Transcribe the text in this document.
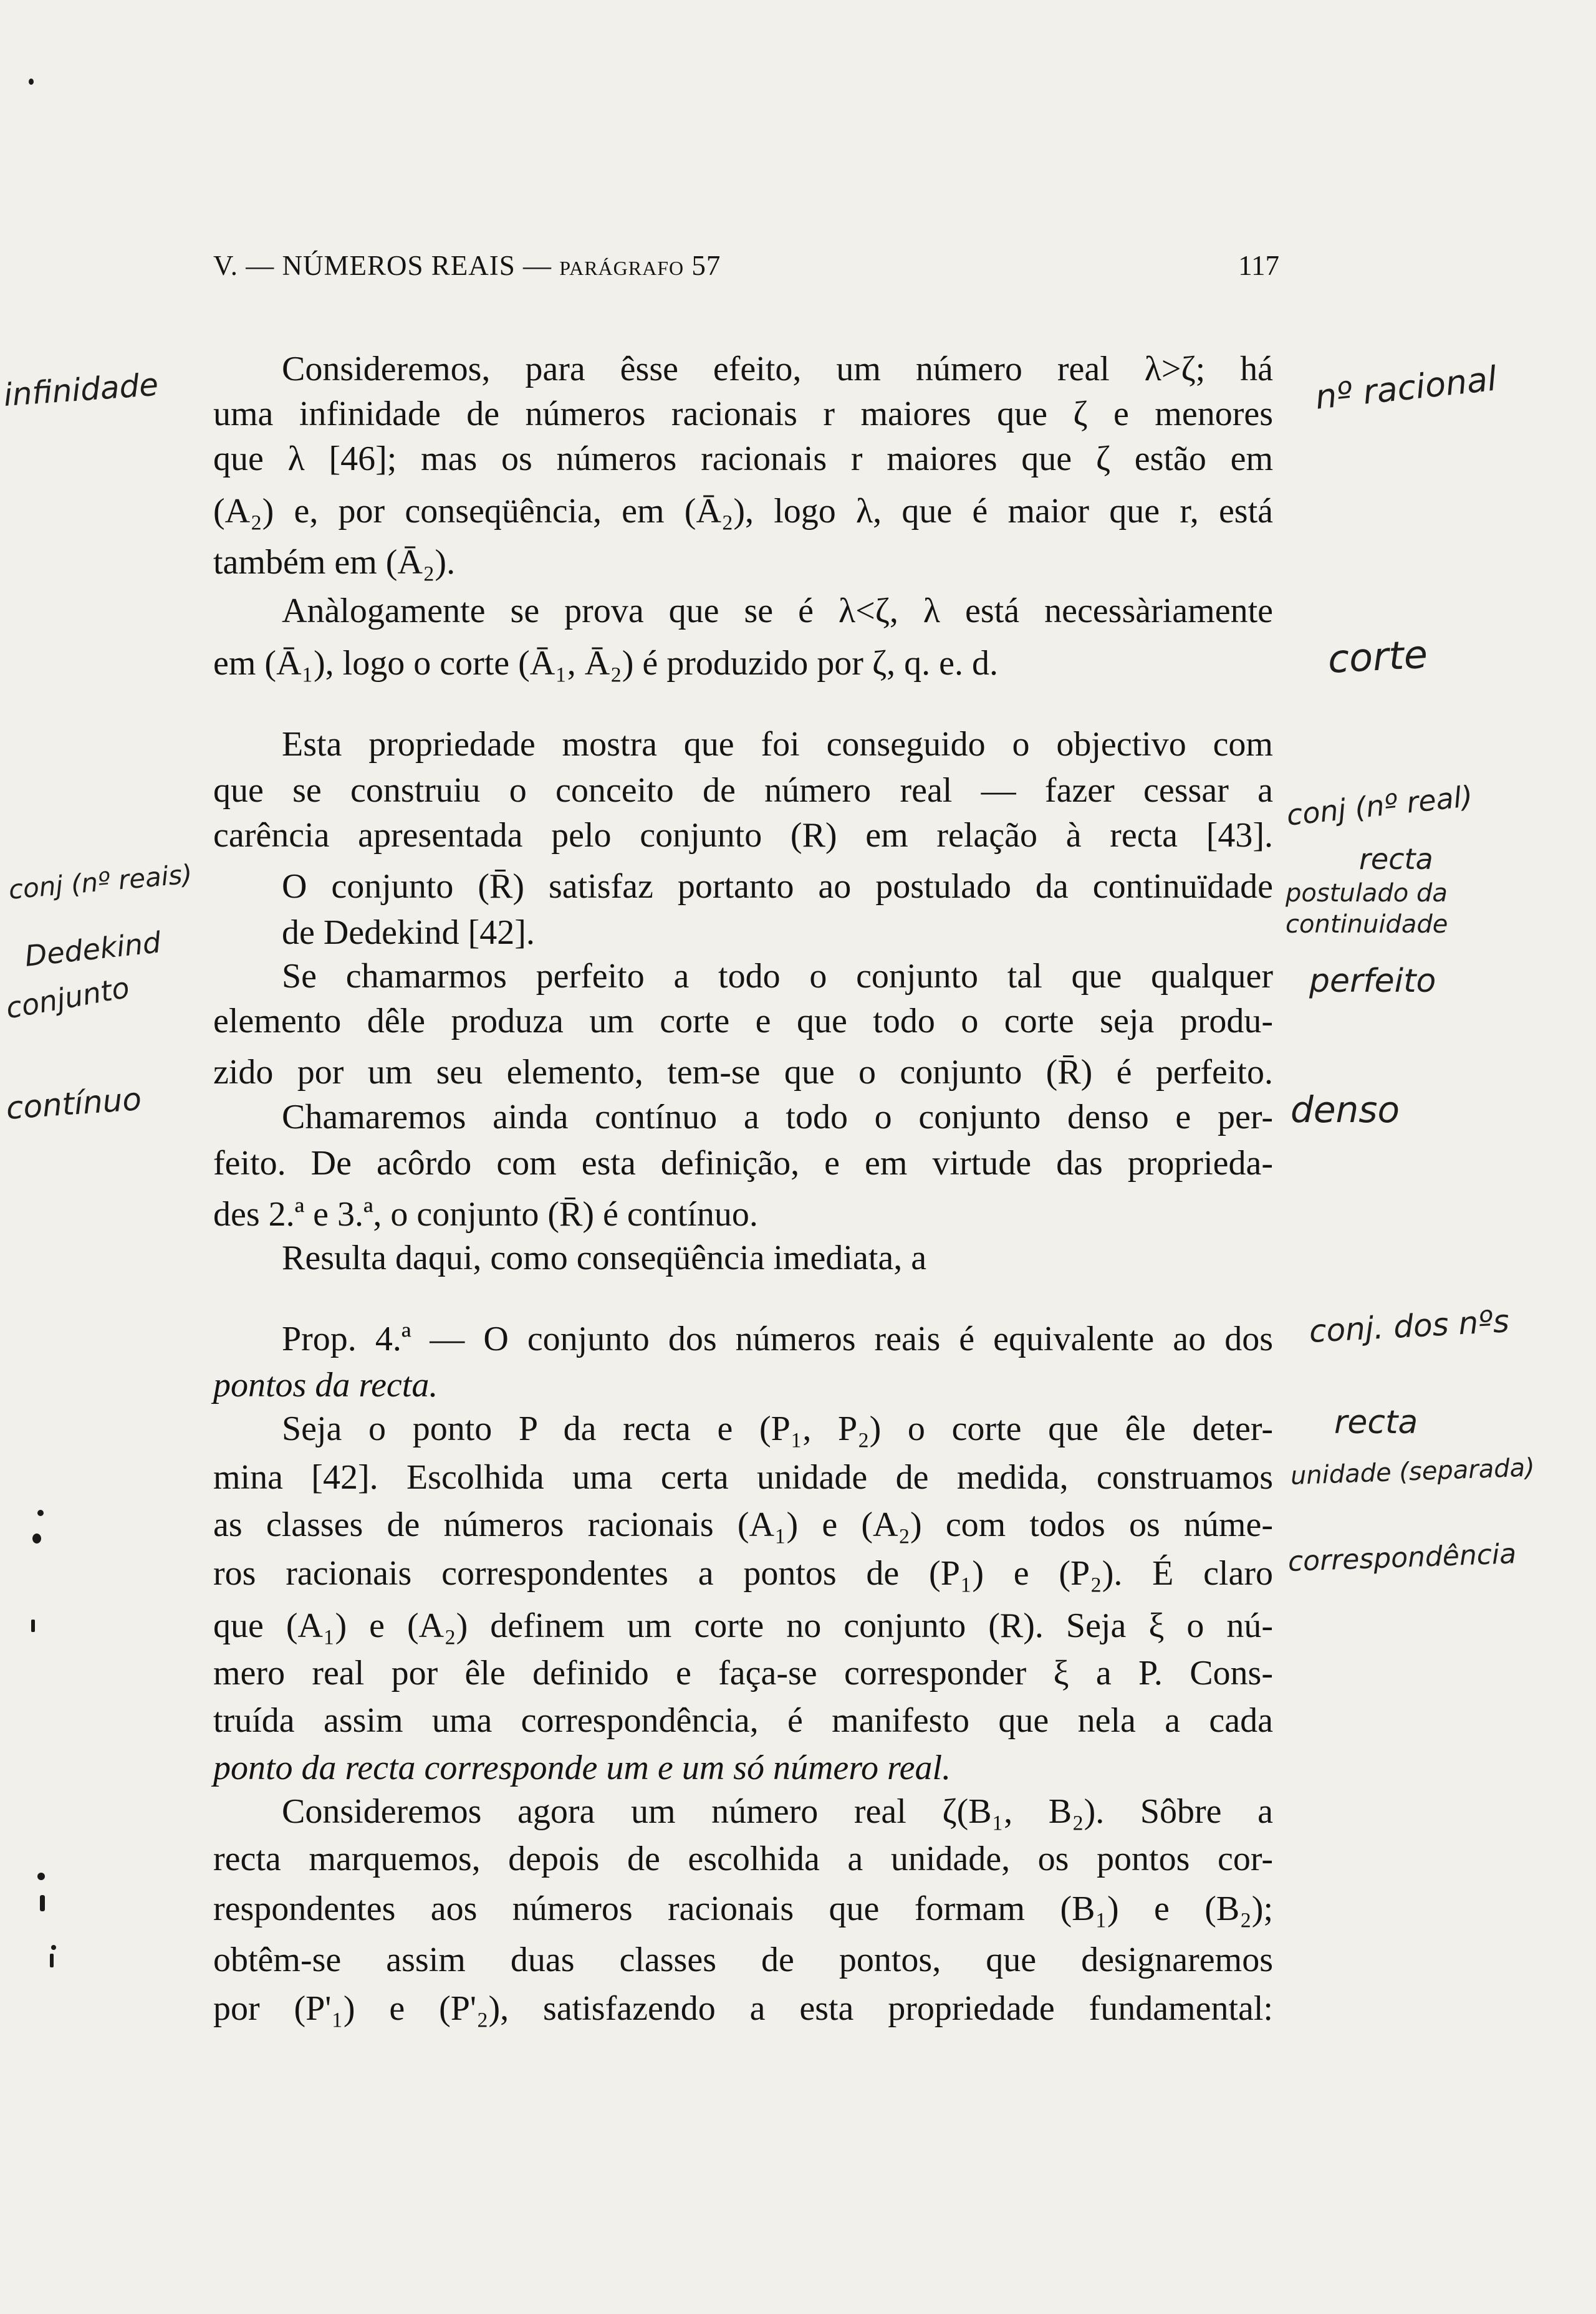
V. — NÚMEROS REAIS — parágrafo 57	117
Consideremos, para êsse efeito, um número real λ>ζ; há
uma infinidade de números racionais r maiores que ζ e menores
que λ [46]; mas os números racionais r maiores que ζ estão em
(A₂) e, por conseqüência, em (Ā₂), logo λ, que é maior que r, está
também em (Ā₂).
Anàlogamente se prova que se é λ<ζ, λ está necessàriamente
em (Ā₁), logo o corte (Ā₁, Ā₂) é produzido por ζ, q. e. d.
Esta propriedade mostra que foi conseguido o objectivo com
que se construiu o conceito de número real — fazer cessar a
carência apresentada pelo conjunto (R) em relação à recta [43].
O conjunto (R̄) satisfaz portanto ao postulado da continuïdade
de Dedekind [42].
Se chamarmos perfeito a todo o conjunto tal que qualquer
elemento dêle produza um corte e que todo o corte seja produ-
zido por um seu elemento, tem-se que o conjunto (R̄) é perfeito.
Chamaremos ainda contínuo a todo o conjunto denso e per-
feito. De acôrdo com esta definição, e em virtude das proprieda-
des 2.ª e 3.ª, o conjunto (R̄) é contínuo.
Resulta daqui, como conseqüência imediata, a
Prop. 4.ª — O conjunto dos números reais é equivalente ao dos
pontos da recta.
Seja o ponto P da recta e (P₁, P₂) o corte que êle deter-
mina [42]. Escolhida uma certa unidade de medida, construamos
as classes de números racionais (A₁) e (A₂) com todos os núme-
ros racionais correspondentes a pontos de (P₁) e (P₂). É claro
que (A₁) e (A₂) definem um corte no conjunto (R). Seja ξ o nú-
mero real por êle definido e faça-se corresponder ξ a P. Cons-
truída assim uma correspondência, é manifesto que nela a cada
ponto da recta corresponde um e um só número real.
Consideremos agora um número real ζ(B₁, B₂). Sôbre a
recta marquemos, depois de escolhida a unidade, os pontos cor-
respondentes aos números racionais que formam (B₁) e (B₂);
obtêm-se assim duas classes de pontos, que designaremos
por (P'₁) e (P'₂), satisfazendo a esta propriedade fundamental:
infinidade	nº racional
corte
conj (nº real)
recta
postulado da continuidade
perfeito
conj (nº reais)
Dedekind
conjunto
contínuo	denso
conj. dos nºs
recta
unidade (separada)
correspondência
